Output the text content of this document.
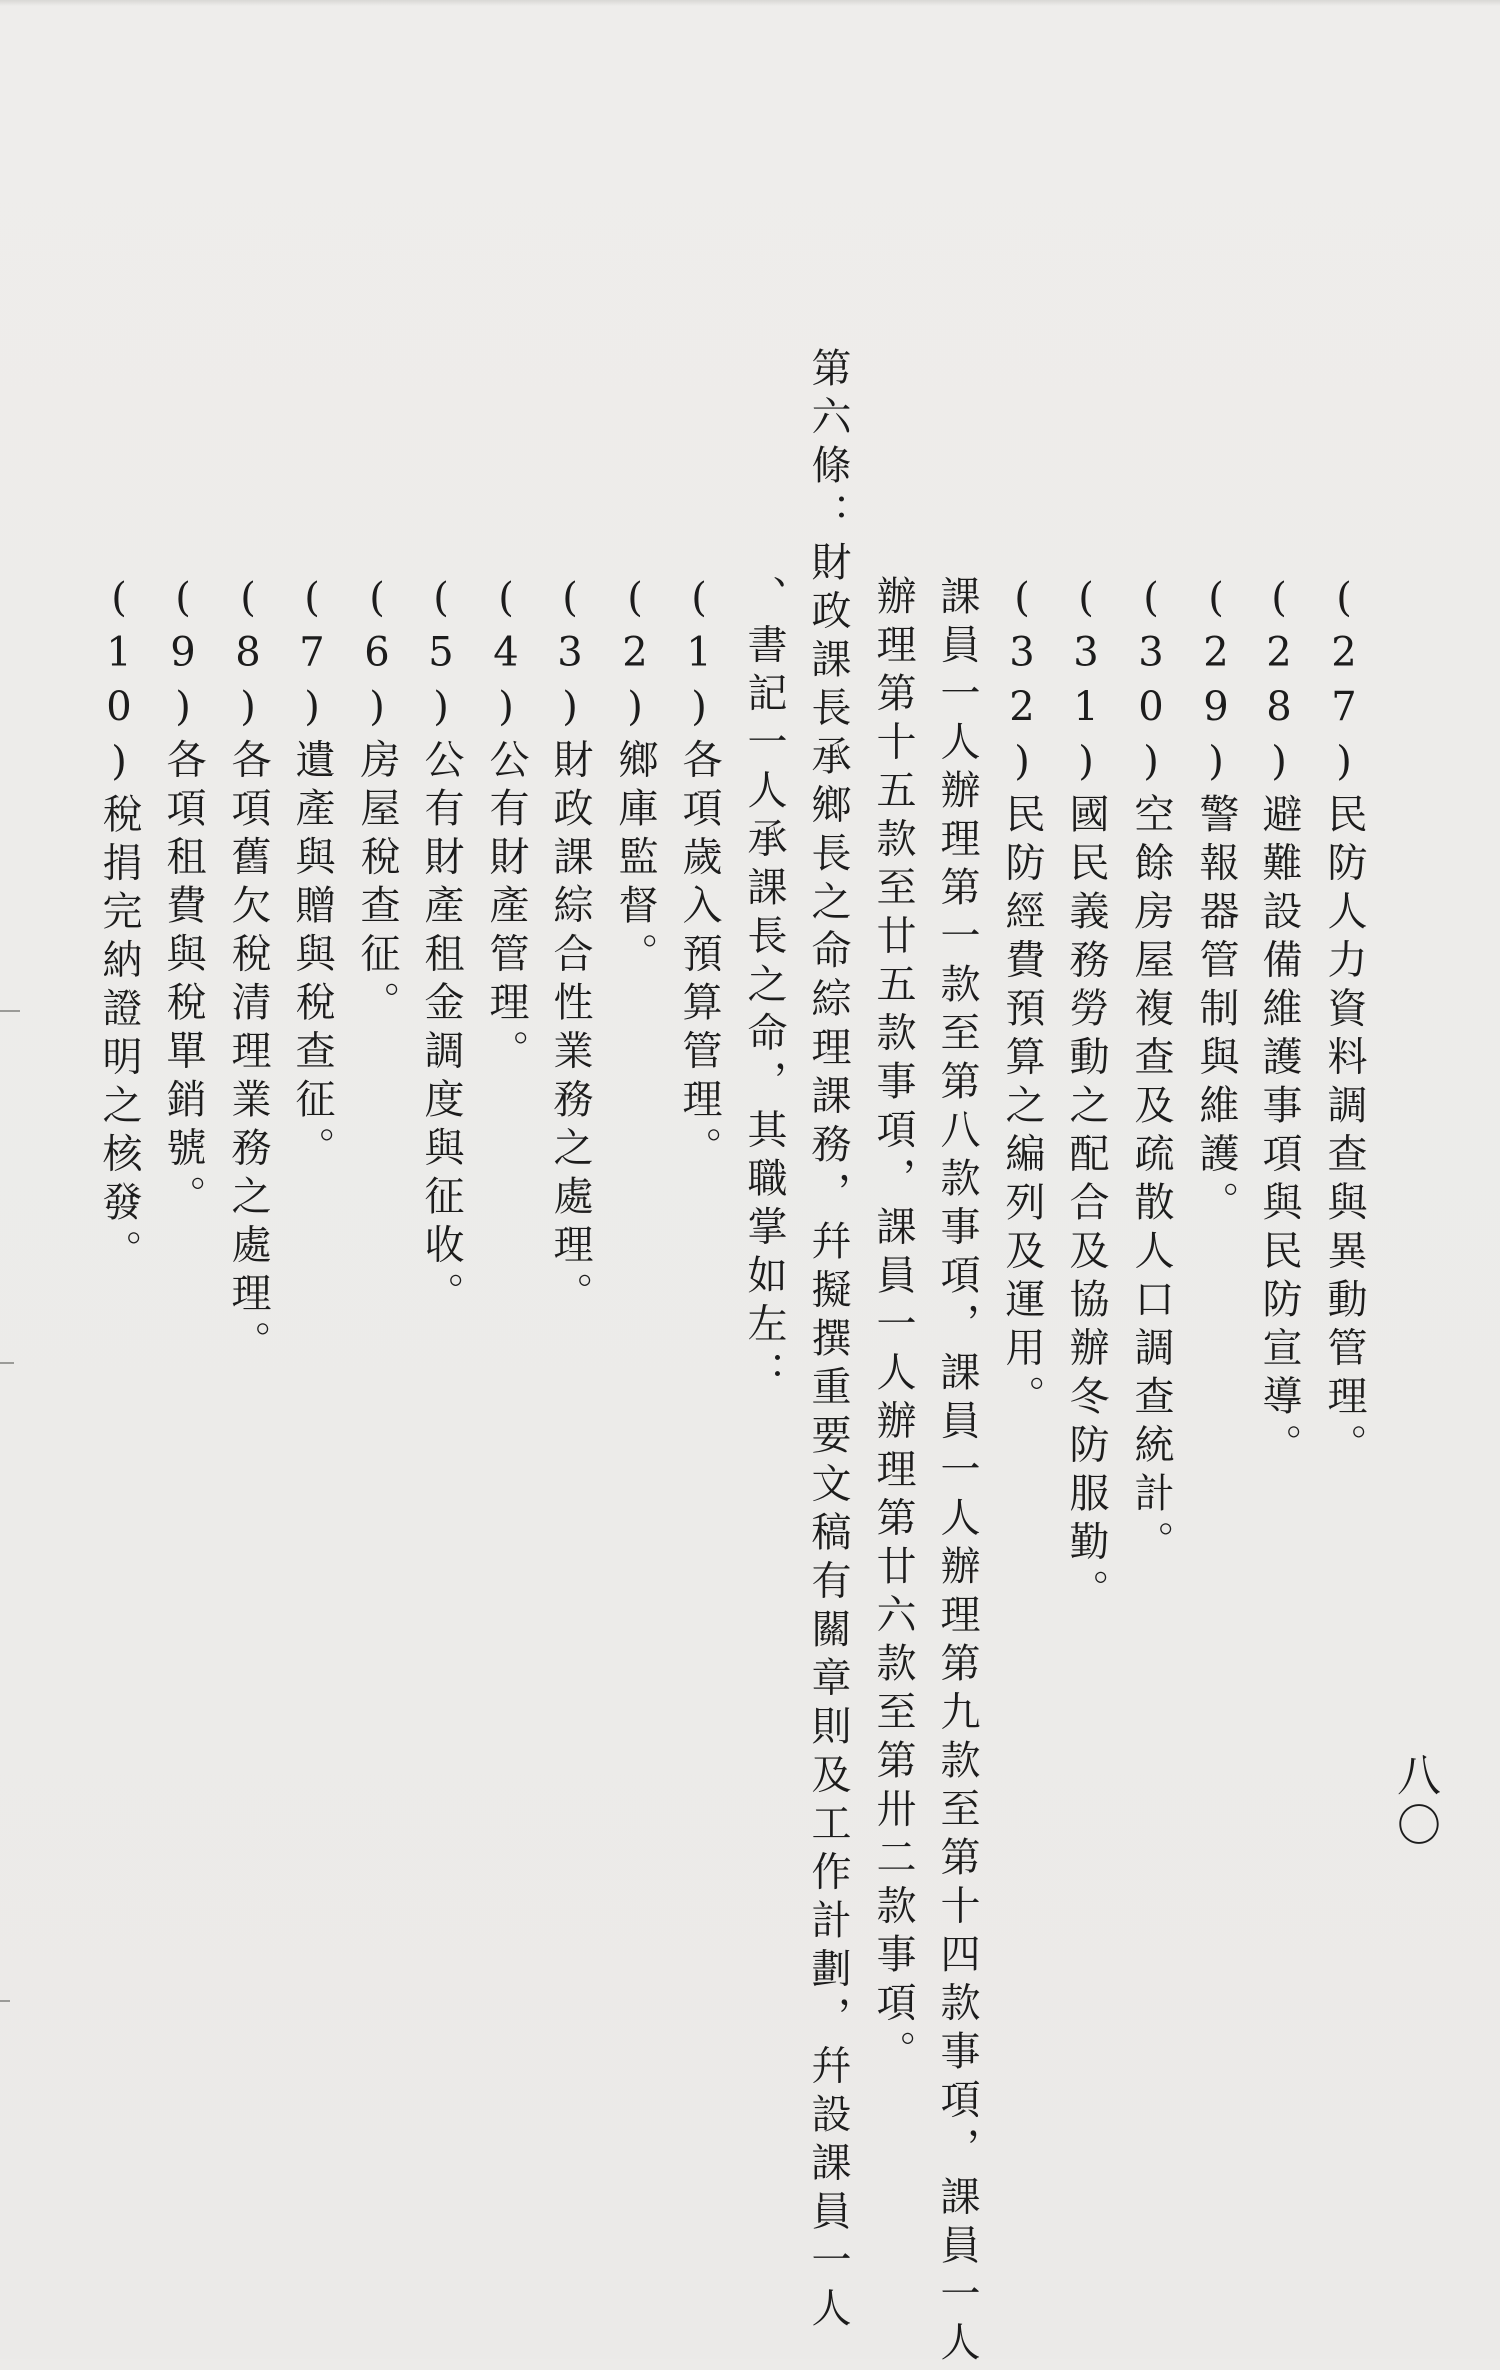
(27)民防人力資料調查與異動管理。
(28)避難設備維護事項與民防宣導。
(29)警報器管制與維護。
(30)空餘房屋複查及疏散人口調查統計。
(31)國民義務勞動之配合及協辦冬防服勤。
(32)民防經費預算之編列及運用。
課員一人辦理第一款至第八款事項，課員一人辦理第九款至第十四款事項，課員一人
辦理第十五款至廿五款事項，課員一人辦理第廿六款至第卅二款事項。
第六條：財政課長承鄉長之命綜理課務，幷擬撰重要文稿有關章則及工作計劃，幷設課員一人
、書記一人承課長之命，其職掌如左：
(1)各項歲入預算管理。
(2)鄉庫監督。
(3)財政課綜合性業務之處理。
(4)公有財產管理。
(5)公有財產租金調度與征收。
(6)房屋稅查征。
(7)遺產與贈與稅查征。
(8)各項舊欠稅清理業務之處理。
(9)各項租費與稅單銷號。
(10)稅捐完納證明之核發。
八〇
